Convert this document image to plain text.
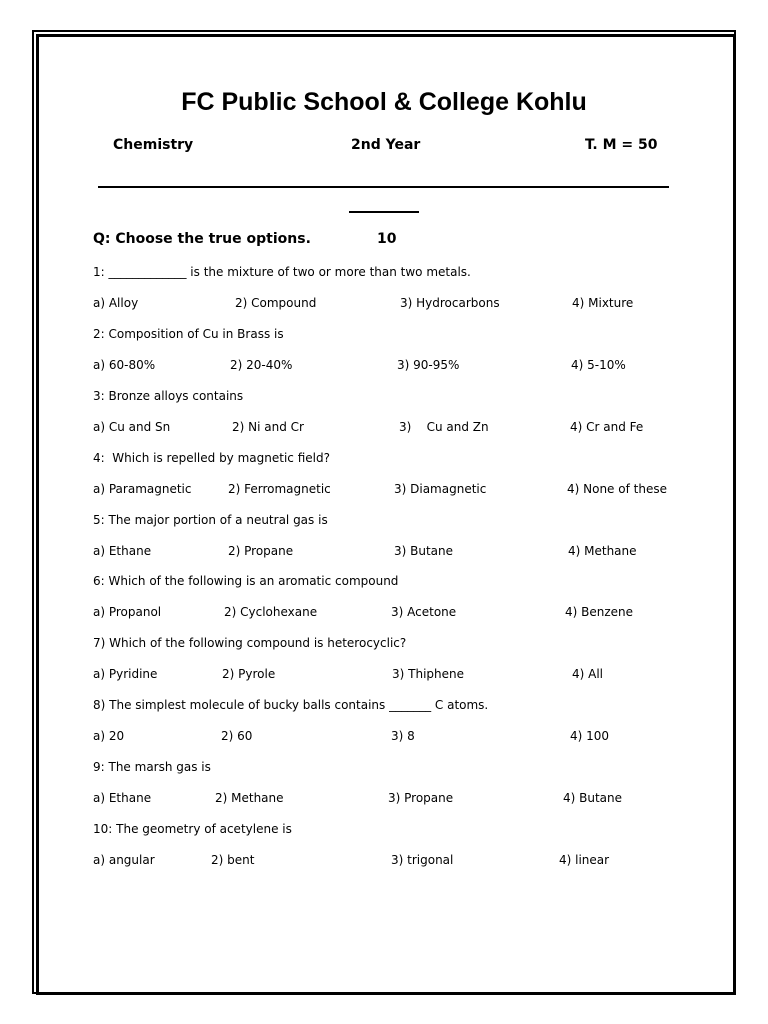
FC Public School & College Kohlu
Chemistry	2nd Year	T. M = 50
Q: Choose the true options.	10
1: _____________ is the mixture of two or more than two metals.
a) Alloy	2) Compound	3) Hydrocarbons	4) Mixture
2: Composition of Cu in Brass is
a) 60-80%	2) 20-40%	3) 90-95%	4) 5-10%
3: Bronze alloys contains
a) Cu and Sn	2) Ni and Cr	3)    Cu and Zn	4) Cr and Fe
4:  Which is repelled by magnetic field?
a) Paramagnetic	2) Ferromagnetic	3) Diamagnetic	4) None of these
5: The major portion of a neutral gas is
a) Ethane	2) Propane	3) Butane	4) Methane
6: Which of the following is an aromatic compound
a) Propanol	2) Cyclohexane	3) Acetone	4) Benzene
7) Which of the following compound is heterocyclic?
a) Pyridine	2) Pyrole	3) Thiphene	4) All
8) The simplest molecule of bucky balls contains _______ C atoms.
a) 20	2) 60	3) 8	4) 100
9: The marsh gas is
a) Ethane	2) Methane	3) Propane	4) Butane
10: The geometry of acetylene is
a) angular	2) bent	3) trigonal	4) linear
